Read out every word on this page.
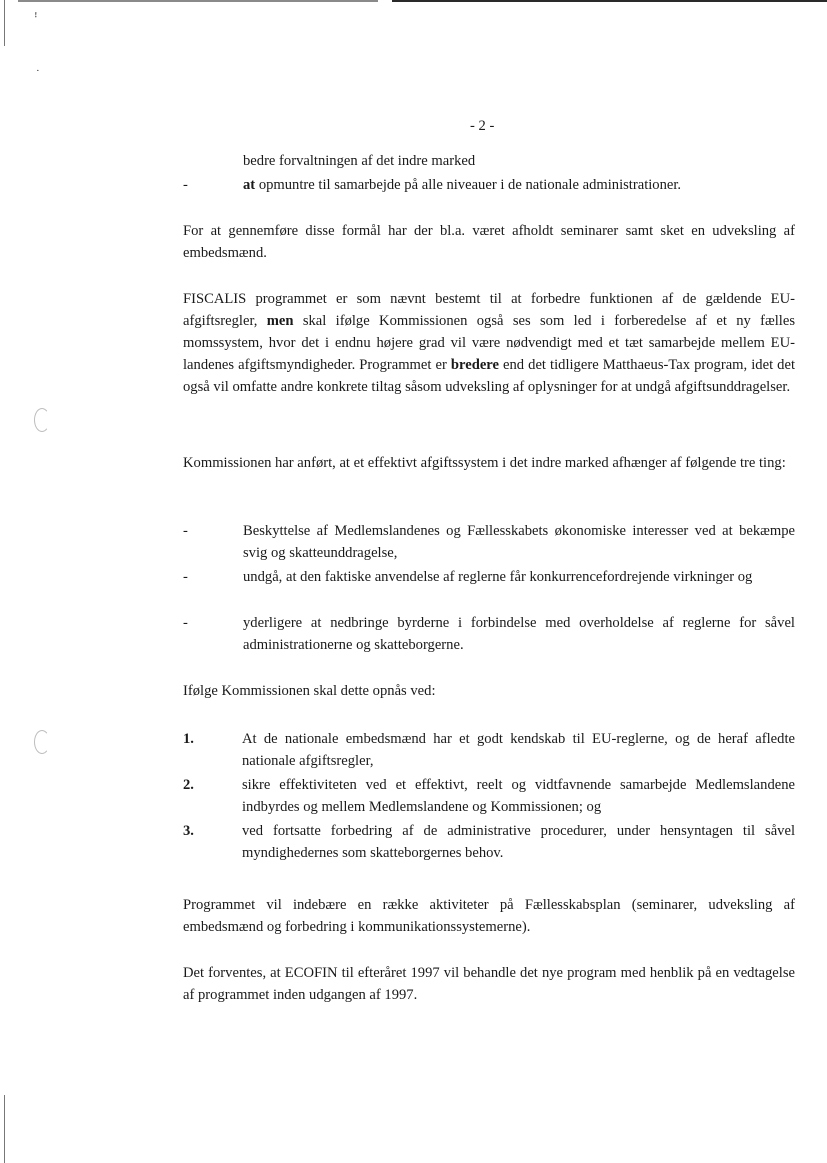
ꜝ
·
- 2 -
bedre forvaltningen af det indre marked
-	at opmuntre til samarbejde på alle niveauer i de nationale administrationer.
For at gennemføre disse formål har der bl.a. været afholdt seminarer samt sket en udveksling af embedsmænd.
FISCALIS programmet er som nævnt bestemt til at forbedre funktionen af de gældende EU-afgiftsregler, men skal ifølge Kommissionen også ses som led i forberedelse af et ny fælles momssystem, hvor det i endnu højere grad vil være nødvendigt med et tæt samarbejde mellem EU-landenes afgiftsmyndigheder. Programmet er bredere end det tidligere Matthaeus-Tax program, idet det også vil omfatte andre konkrete tiltag såsom udveksling af oplysninger for at undgå afgiftsunddragelser.
Kommissionen har anført, at et effektivt afgiftssystem i det indre marked afhænger af følgende tre ting:
-	Beskyttelse af Medlemslandenes og Fællesskabets økonomiske interesser ved at bekæmpe svig og skatteunddragelse,
-	undgå, at den faktiske anvendelse af reglerne får konkurrencefordrejende virkninger og
-	yderligere at nedbringe byrderne i forbindelse med overholdelse af reglerne for såvel administrationerne og skatteborgerne.
Ifølge Kommissionen skal dette opnås ved:
1.	At de nationale embedsmænd har et godt kendskab til EU-reglerne, og de heraf afledte nationale afgiftsregler,
2.	sikre effektiviteten ved et effektivt, reelt og vidtfavnende samarbejde Medlemslandene indbyrdes og mellem Medlemslandene og Kommissionen; og
3.	ved fortsatte forbedring af de administrative procedurer, under hensyntagen til såvel myndighedernes som skatteborgernes behov.
Programmet vil indebære en række aktiviteter på Fællesskabsplan (seminarer, udveksling af embedsmænd og forbedring i kommunikationssystemerne).
Det forventes, at ECOFIN til efteråret 1997 vil behandle det nye program med henblik på en vedtagelse af programmet inden udgangen af 1997.
